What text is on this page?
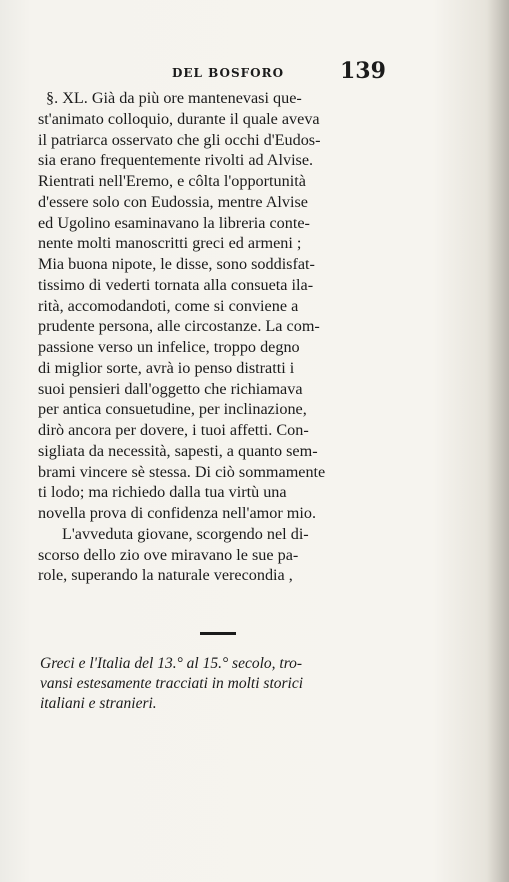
DEL BOSFORO	139
§. XL. Già da più ore mantenevasi que-
st'animato colloquio, durante il quale aveva
il patriarca osservato che gli occhi d'Eudos-
sia erano frequentemente rivolti ad Alvise.
Rientrati nell'Eremo, e côlta l'opportunità
d'essere solo con Eudossia, mentre Alvise
ed Ugolino esaminavano la libreria conte-
nente molti manoscritti greci ed armeni ;
Mia buona nipote, le disse, sono soddisfat-
tissimo di vederti tornata alla consueta ila-
rità, accomodandoti, come si conviene a
prudente persona, alle circostanze. La com-
passione verso un infelice, troppo degno
di miglior sorte, avrà io penso distratti i
suoi pensieri dall'oggetto che richiamava
per antica consuetudine, per inclinazione,
dirò ancora per dovere, i tuoi affetti. Con-
sigliata da necessità, sapesti, a quanto sem-
brami vincere sè stessa. Di ciò sommamente
ti lodo; ma richiedo dalla tua virtù una
novella prova di confidenza nell'amor mio.
L'avveduta giovane, scorgendo nel di-
scorso dello zio ove miravano le sue pa-
role, superando la naturale verecondia ,
Greci e l'Italia del 13.° al 15.° secolo, tro-
vansi estesamente tracciati in molti storici
italiani e stranieri.
